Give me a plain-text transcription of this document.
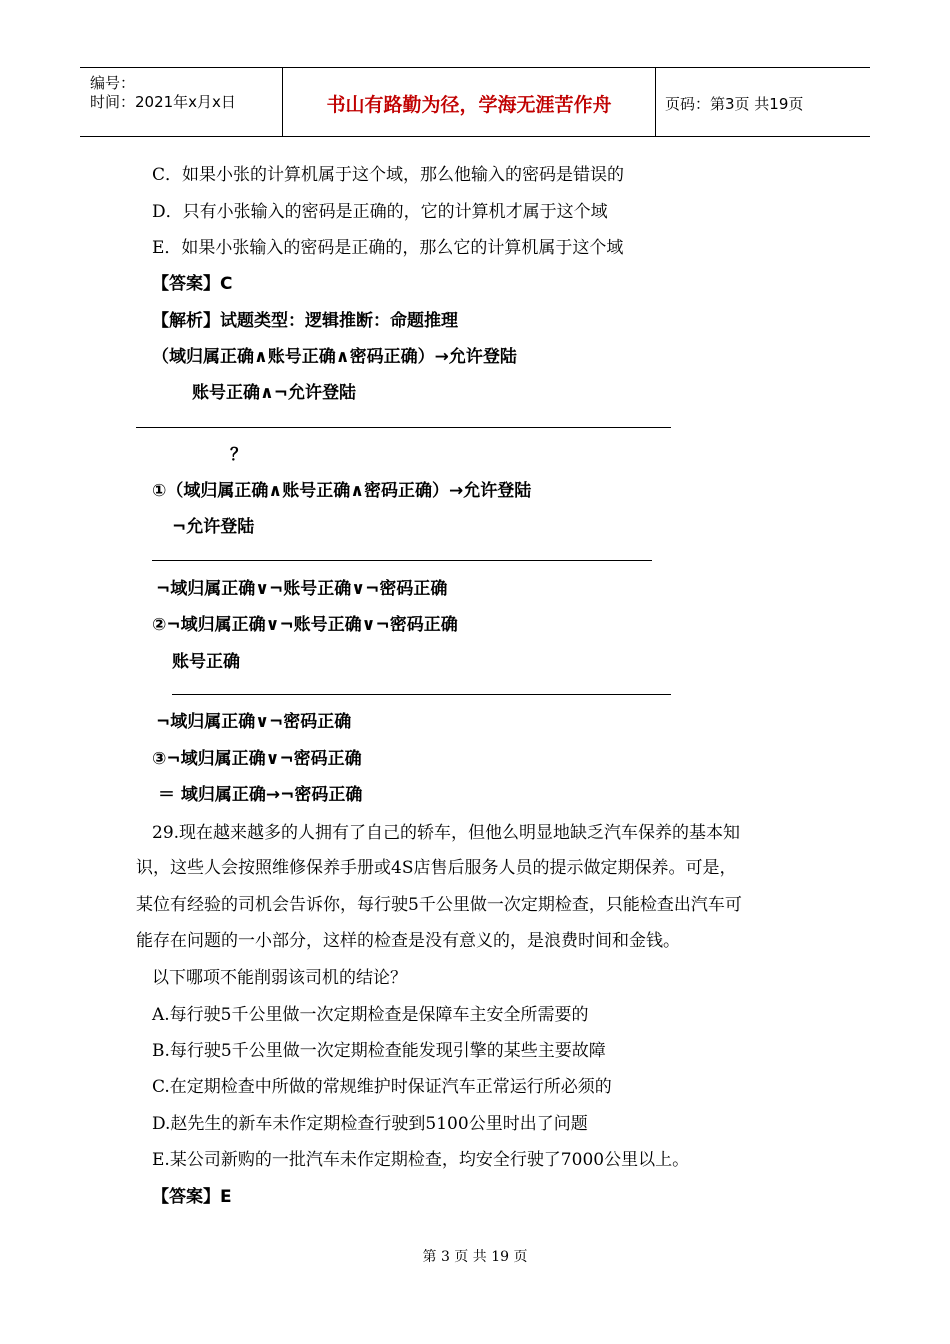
编号：
时间：2021年x月x日	书山有路勤为径，学海无涯苦作舟	页码：第3页 共19页
C．如果小张的计算机属于这个域，那么他输入的密码是错误的
D．只有小张输入的密码是正确的，它的计算机才属于这个域
E．如果小张输入的密码是正确的，那么它的计算机属于这个域
【答案】C
【解析】试题类型：逻辑推断：命题推理
（域归属正确∧账号正确∧密码正确）→允许登陆
账号正确∧¬允许登陆
？
①（域归属正确∧账号正确∧密码正确）→允许登陆
¬允许登陆
¬域归属正确∨¬账号正确∨¬密码正确
②¬域归属正确∨¬账号正确∨¬密码正确
账号正确
¬域归属正确∨¬密码正确
③¬域归属正确∨¬密码正确
＝ 域归属正确→¬密码正确
29.现在越来越多的人拥有了自己的轿车，但他么明显地缺乏汽车保养的基本知
识，这些人会按照维修保养手册或4S店售后服务人员的提示做定期保养。可是，
某位有经验的司机会告诉你，每行驶5千公里做一次定期检查，只能检查出汽车可
能存在问题的一小部分，这样的检查是没有意义的，是浪费时间和金钱。
以下哪项不能削弱该司机的结论？
A.每行驶5千公里做一次定期检查是保障车主安全所需要的
B.每行驶5千公里做一次定期检查能发现引擎的某些主要故障
C.在定期检查中所做的常规维护时保证汽车正常运行所必须的
D.赵先生的新车未作定期检查行驶到5100公里时出了问题
E.某公司新购的一批汽车未作定期检查，均安全行驶了7000公里以上。
【答案】E
第 3 页 共 19 页
